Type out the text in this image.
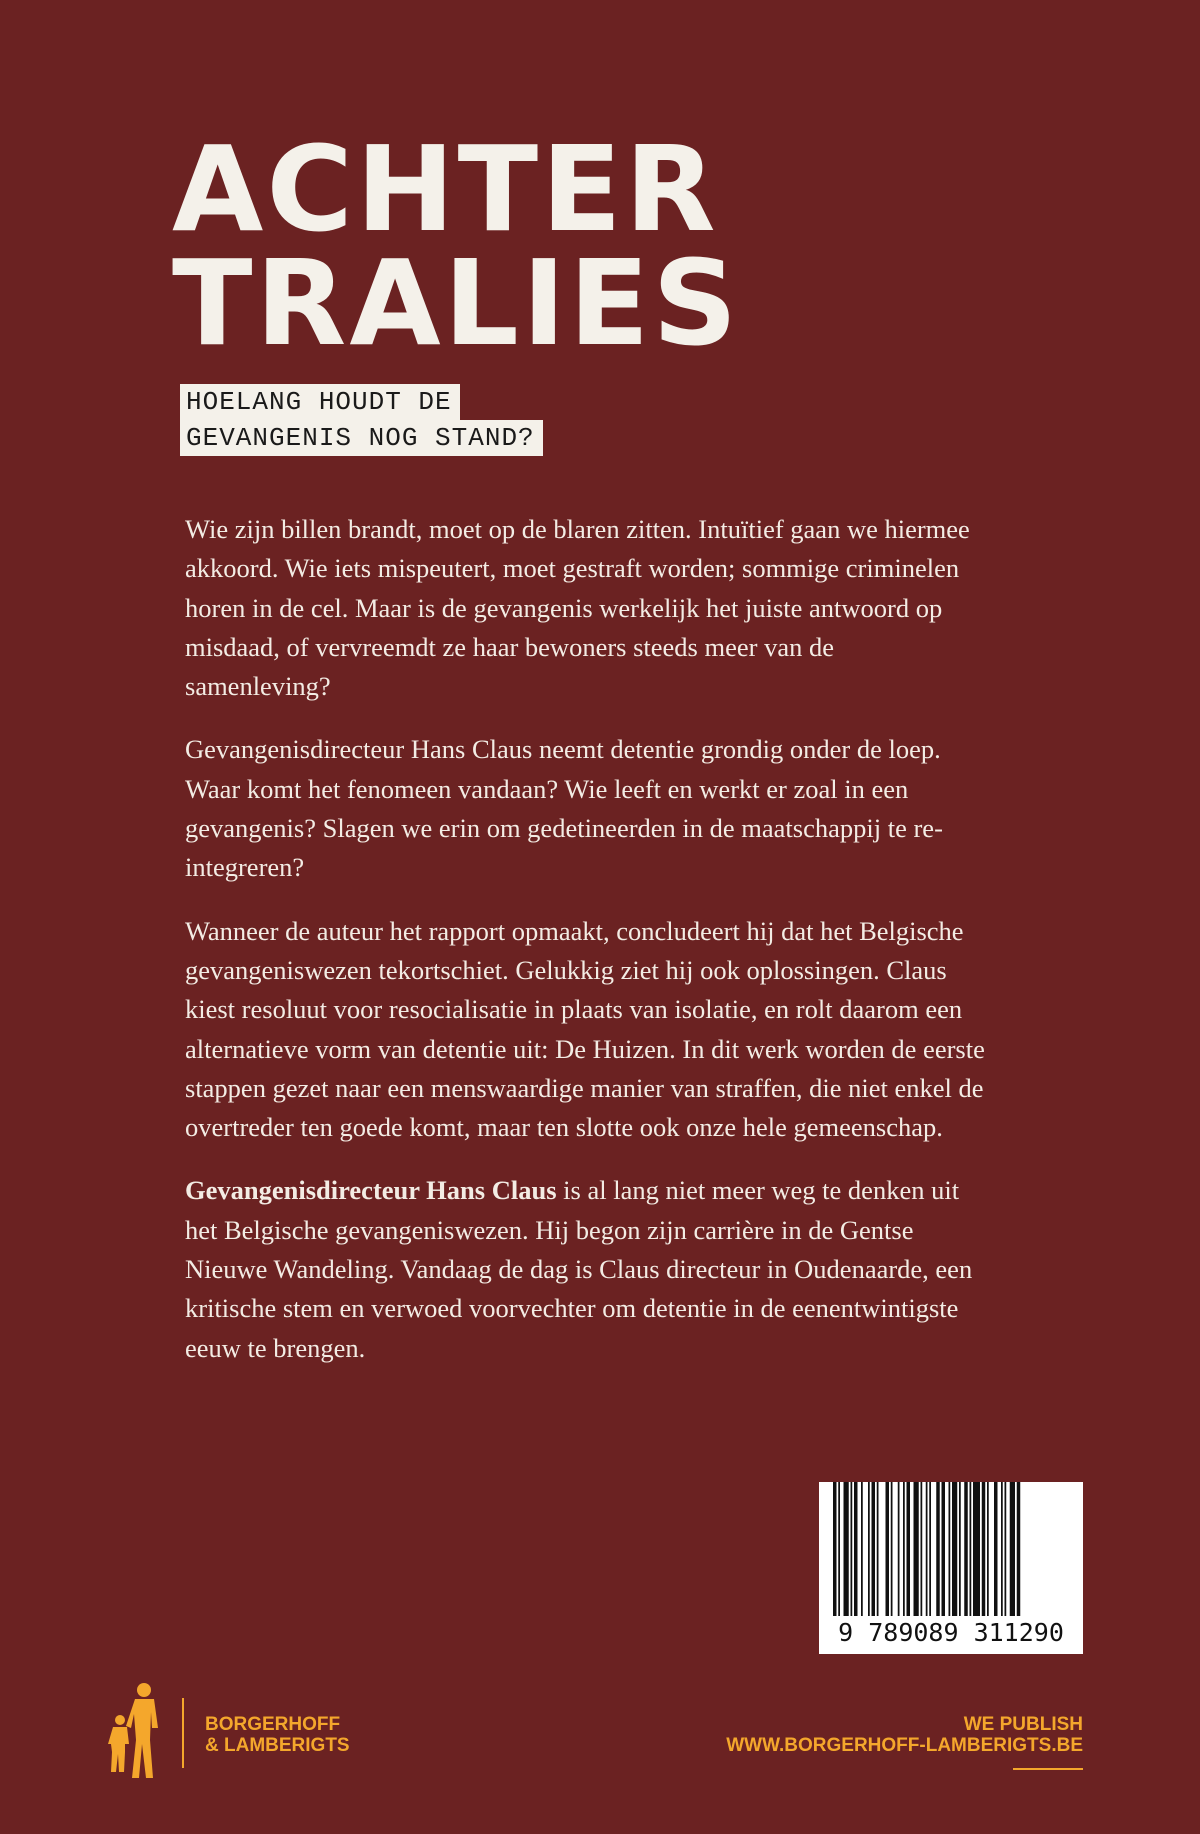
ACHTER
TRALIES
HOELANG HOUDT DE
GEVANGENIS NOG STAND?

Wie zijn billen brandt, moet op de blaren zitten. Intuïtief gaan we hiermee akkoord. Wie iets mispeutert, moet gestraft worden; sommige criminelen horen in de cel. Maar is de gevangenis werkelijk het juiste antwoord op misdaad, of vervreemdt ze haar bewoners steeds meer van de samenleving?

Gevangenisdirecteur Hans Claus neemt detentie grondig onder de loep. Waar komt het fenomeen vandaan? Wie leeft en werkt er zoal in een gevangenis? Slagen we erin om gedetineerden in de maatschappij te re-integreren?

Wanneer de auteur het rapport opmaakt, concludeert hij dat het Belgische gevangeniswezen tekortschiet. Gelukkig ziet hij ook oplossingen. Claus kiest resoluut voor resocialisatie in plaats van isolatie, en rolt daarom een alternatieve vorm van detentie uit: De Huizen. In dit werk worden de eerste stappen gezet naar een menswaardige manier van straffen, die niet enkel de overtreder ten goede komt, maar ten slotte ook onze hele gemeenschap.

Gevangenisdirecteur Hans Claus is al lang niet meer weg te denken uit het Belgische gevangeniswezen. Hij begon zijn carrière in de Gentse Nieuwe Wandeling. Vandaag de dag is Claus directeur in Oudenaarde, een kritische stem en verwoed voorvechter om detentie in de eenentwintigste eeuw te brengen.

9 789089 311290
BORGERHOFF
& LAMBERIGTS
WE PUBLISH
WWW.BORGERHOFF-LAMBERIGTS.BE
